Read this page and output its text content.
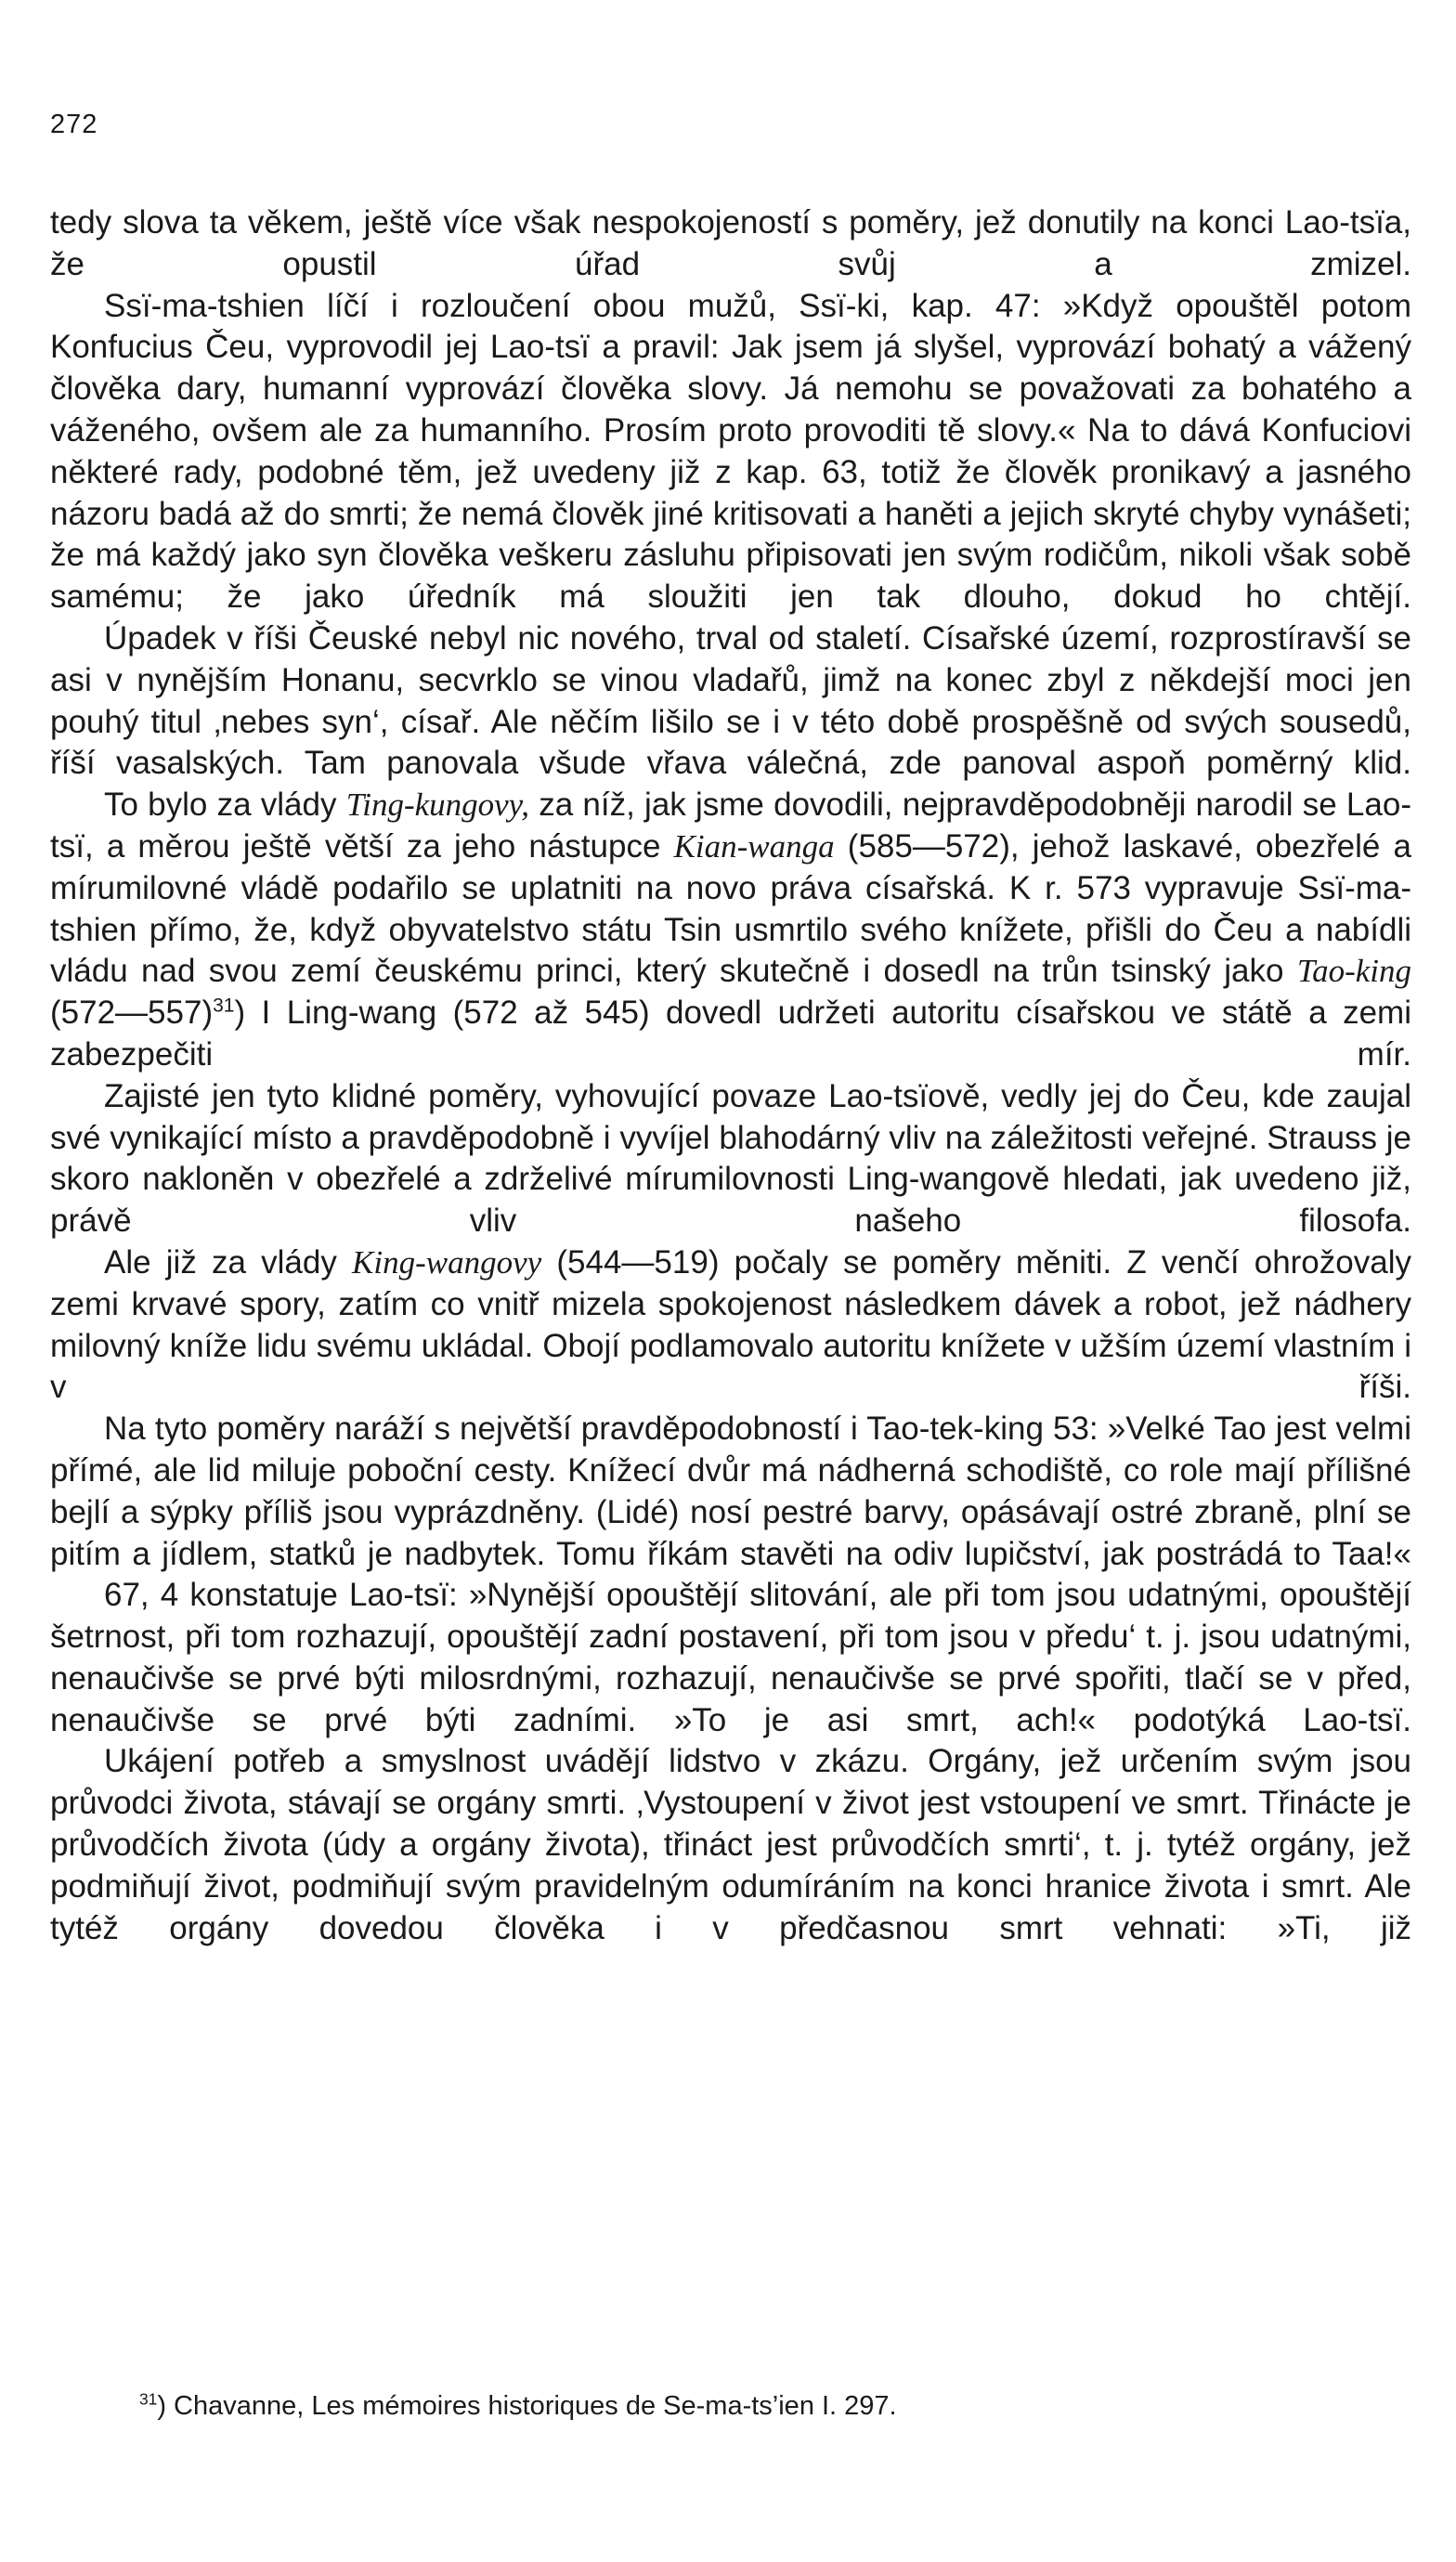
272

tedy slova ta věkem, ještě více však nespokojeností s poměry, jež donutily na konci Lao-tsïa, že opustil úřad svůj a zmizel.

Ssï-ma-tshien líčí i rozloučení obou mužů, Ssï-ki, kap. 47: »Když opouštěl potom Konfucius Čeu, vyprovodil jej Lao-tsï a pravil: Jak jsem já slyšel, vyprovází bohatý a vážený člověka dary, humanní vyprovází člověka slovy. Já nemohu se považovati za bohatého a váženého, ovšem ale za humanního. Prosím proto provoditi tě slovy.« Na to dává Konfuciovi některé rady, podobné těm, jež uvedeny již z kap. 63, totiž že člověk pronikavý a jasného názoru badá až do smrti; že nemá člověk jiné kritisovati a haněti a jejich skryté chyby vynášeti; že má každý jako syn člověka veškeru zásluhu připisovati jen svým rodičům, nikoli však sobě samému; že jako úředník má sloužiti jen tak dlouho, dokud ho chtějí.

Úpadek v říši Čeuské nebyl nic nového, trval od staletí. Císařské území, rozprostíravší se asi v nynějším Honanu, secvrklo se vinou vladařů, jimž na konec zbyl z někdejší moci jen pouhý titul ‚nebes syn‘, císař. Ale něčím lišilo se i v této době prospěšně od svých sousedů, říší vasalských. Tam panovala všude vřava válečná, zde panoval aspoň poměrný klid.

To bylo za vlády Ting-kungovy, za níž, jak jsme dovodili, nejpravděpodobněji narodil se Lao-tsï, a měrou ještě větší za jeho nástupce Kian-wanga (585—572), jehož laskavé, obezřelé a mírumilovné vládě podařilo se uplatniti na novo práva císařská. K r. 573 vypravuje Ssï-ma-tshien přímo, že, když obyvatelstvo státu Tsin usmrtilo svého knížete, přišli do Čeu a nabídli vládu nad svou zemí čeuskému princi, který skutečně i dosedl na trůn tsinský jako Tao-king (572—557)$^{31}$) I Ling-wang (572 až 545) dovedl udržeti autoritu císařskou ve státě a zemi zabezpečiti mír.

Zajisté jen tyto klidné poměry, vyhovující povaze Lao-tsïově, vedly jej do Čeu, kde zaujal své vynikající místo a pravděpodobně i vyvíjel blahodárný vliv na záležitosti veřejné. Strauss je skoro nakloněn v obezřelé a zdrželivé mírumilovnosti Ling-wangově hledati, jak uvedeno již, právě vliv našeho filosofa.

Ale již za vlády King-wangovy (544—519) počaly se poměry měniti. Z venčí ohrožovaly zemi krvavé spory, zatím co vnitř mizela spokojenost následkem dávek a robot, jež nádhery milovný kníže lidu svému ukládal. Obojí podlamovalo autoritu knížete v užším území vlastním i v říši.

Na tyto poměry naráží s největší pravděpodobností i Tao-tek-king 53: »Velké Tao jest velmi přímé, ale lid miluje poboční cesty. Knížecí dvůr má nádherná schodiště, co role mají přílišné bejlí a sýpky příliš jsou vyprázdněny. (Lidé) nosí pestré barvy, opásávají ostré zbraně, plní se pitím a jídlem, statků je nadbytek. Tomu říkám stavěti na odiv lupičství, jak postrádá to Taa!«

67, 4 konstatuje Lao-tsï: »Nynější opouštějí slitování, ale při tom jsou udatnými, opouštějí šetrnost, při tom rozhazují, opouštějí zadní postavení, při tom jsou v předu‘ t. j. jsou udatnými, nenaučivše se prvé býti milosrdnými, rozhazují, nenaučivše se prvé spořiti, tlačí se v před, nenaučivše se prvé býti zadními. »To je asi smrt, ach!« podotýká Lao-tsï.

Ukájení potřeb a smyslnost uvádějí lidstvo v zkázu. Orgány, jež určením svým jsou průvodci života, stávají se orgány smrti. ‚Vystoupení v život jest vstoupení ve smrt. Třinácte je průvodčích života (údy a orgány života), třináct jest průvodčích smrti‘, t. j. tytéž orgány, jež podmiňují život, podmiňují svým pravidelným odumíráním na konci hranice života i smrt. Ale tytéž orgány dovedou člověka i v předčasnou smrt vehnati: »Ti, již

$^{31}$) Chavanne, Les mémoires historiques de Se-ma-ts’ien I. 297.
